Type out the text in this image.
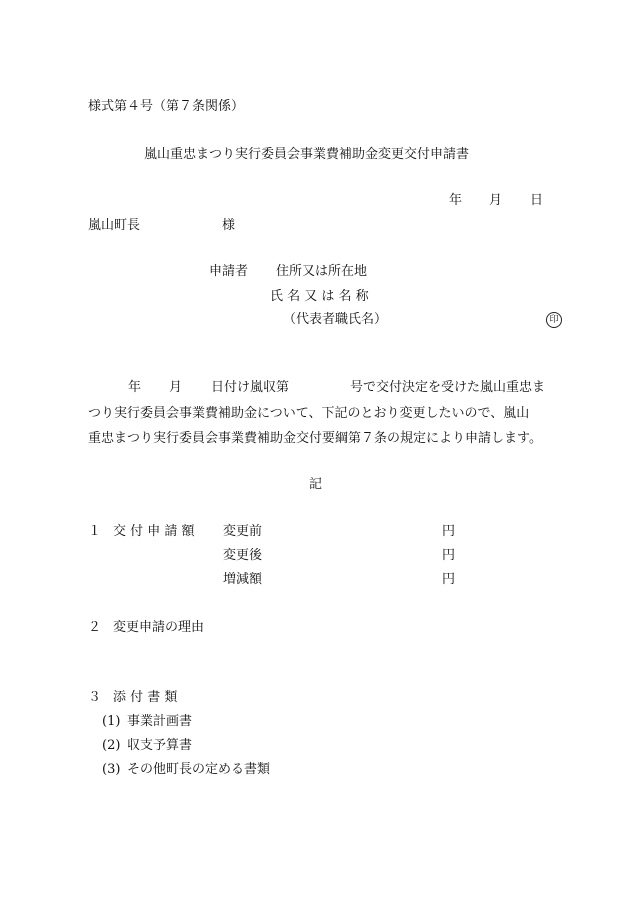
様式第４号（第７条関係）
嵐山重忠まつり実行委員会事業費補助金変更交付申請書
年 月 日
嵐山町長	様
申請者 住所又は所在地
氏 名 又 は 名 称
（代表者職氏名）	印
年 月 日付け嵐収第	号で交付決定を受けた嵐山重忠ま
つり実行委員会事業費補助金について、下記のとおり変更したいので、嵐山
重忠まつり実行委員会事業費補助金交付要綱第７条の規定により申請します。
記
１ 交 付 申 請 額 変更前	円
変更後	円
増減額	円
２ 変更申請の理由
３ 添 付 書 類
(1) 事業計画書
(2) 収支予算書
(3) その他町長の定める書類
